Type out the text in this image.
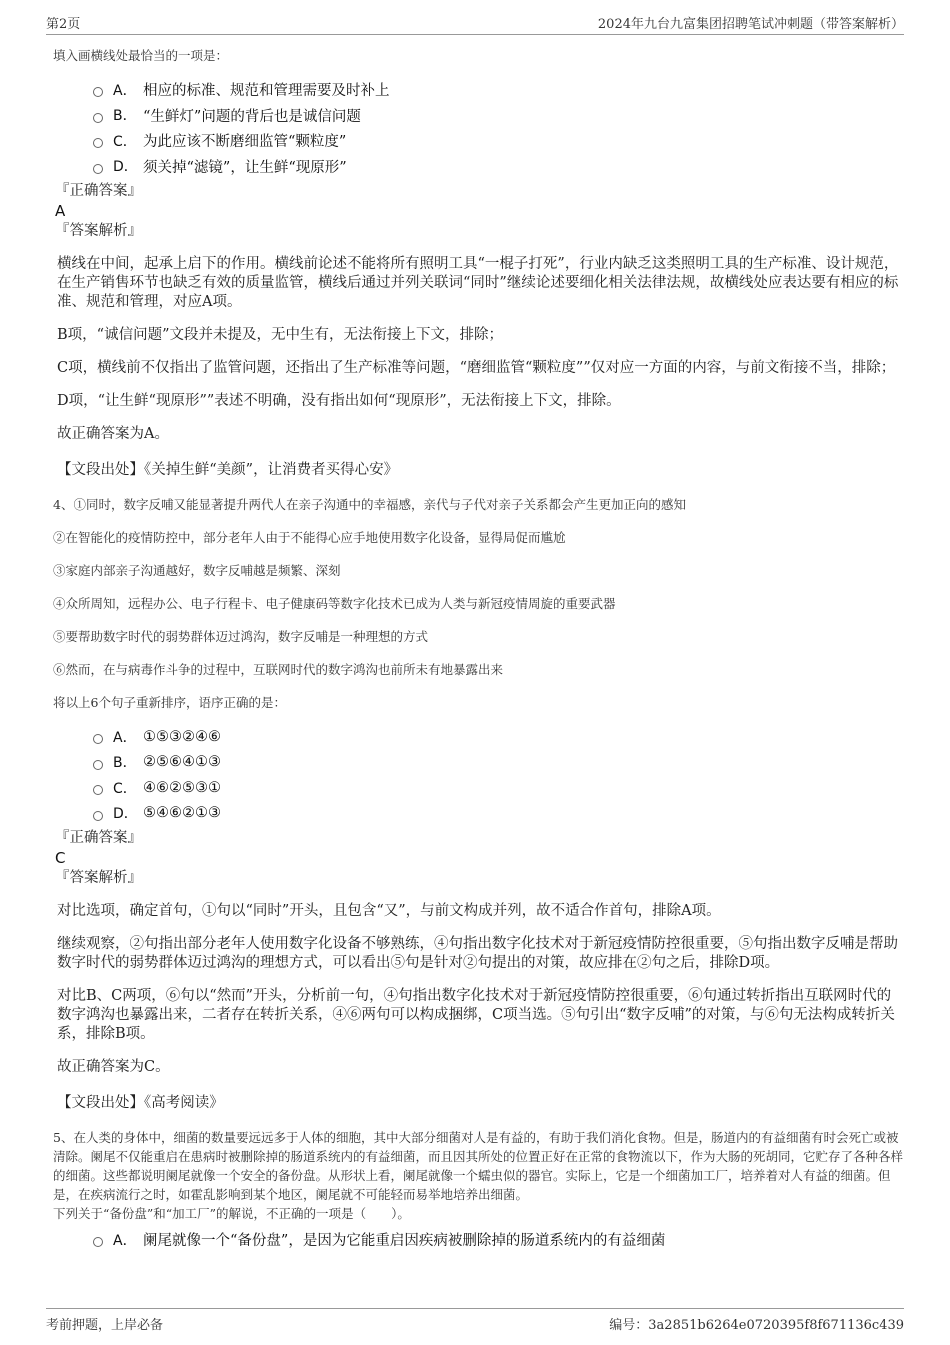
第2页	2024年九台九富集团招聘笔试冲刺题（带答案解析）

填入画横线处最恰当的一项是：

A． 相应的标准、规范和管理需要及时补上
B． “生鲜灯”问题的背后也是诚信问题
C． 为此应该不断磨细监管“颗粒度”
D． 须关掉“滤镜”，让生鲜“现原形”

『正确答案』

A

『答案解析』

横线在中间，起承上启下的作用。横线前论述不能将所有照明工具“一棍子打死”，行业内缺乏这类照明工具的生产标准、设计规范，在生产销售环节也缺乏有效的质量监管，横线后通过并列关联词“同时”继续论述要细化相关法律法规，故横线处应表达要有相应的标准、规范和管理，对应A项。

B项，“诚信问题”文段并未提及，无中生有，无法衔接上下文，排除；

C项，横线前不仅指出了监管问题，还指出了生产标准等问题，“磨细监管“颗粒度””仅对应一方面的内容，与前文衔接不当，排除；

D项，“让生鲜“现原形””表述不明确，没有指出如何“现原形”，无法衔接上下文，排除。

故正确答案为A。

【文段出处】《关掉生鲜“美颜”，让消费者买得心安》

4、①同时，数字反哺又能显著提升两代人在亲子沟通中的幸福感，亲代与子代对亲子关系都会产生更加正向的感知

②在智能化的疫情防控中，部分老年人由于不能得心应手地使用数字化设备，显得局促而尴尬

③家庭内部亲子沟通越好，数字反哺越是频繁、深刻

④众所周知，远程办公、电子行程卡、电子健康码等数字化技术已成为人类与新冠疫情周旋的重要武器

⑤要帮助数字时代的弱势群体迈过鸿沟，数字反哺是一种理想的方式

⑥然而，在与病毒作斗争的过程中，互联网时代的数字鸿沟也前所未有地暴露出来

将以上6个句子重新排序，语序正确的是：

A． ①⑤③②④⑥
B． ②⑤⑥④①③
C． ④⑥②⑤③①
D． ⑤④⑥②①③

『正确答案』

C

『答案解析』

对比选项，确定首句，①句以“同时”开头，且包含“又”，与前文构成并列，故不适合作首句，排除A项。

继续观察，②句指出部分老年人使用数字化设备不够熟练，④句指出数字化技术对于新冠疫情防控很重要，⑤句指出数字反哺是帮助数字时代的弱势群体迈过鸿沟的理想方式，可以看出⑤句是针对②句提出的对策，故应排在②句之后，排除D项。

对比B、C两项，⑥句以“然而”开头，分析前一句，④句指出数字化技术对于新冠疫情防控很重要，⑥句通过转折指出互联网时代的数字鸿沟也暴露出来，二者存在转折关系，④⑥两句可以构成捆绑，C项当选。⑤句引出“数字反哺”的对策，与⑥句无法构成转折关系，排除B项。

故正确答案为C。

【文段出处】《高考阅读》

5、在人类的身体中，细菌的数量要远远多于人体的细胞，其中大部分细菌对人是有益的，有助于我们消化食物。但是，肠道内的有益细菌有时会死亡或被清除。阑尾不仅能重启在患病时被删除掉的肠道系统内的有益细菌，而且因其所处的位置正好在正常的食物流以下，作为大肠的死胡同，它贮存了各种各样的细菌。这些都说明阑尾就像一个安全的备份盘。从形状上看，阑尾就像一个蠕虫似的器官。实际上，它是一个细菌加工厂，培养着对人有益的细菌。但是，在疾病流行之时，如霍乱影响到某个地区，阑尾就不可能轻而易举地培养出细菌。

下列关于“备份盘”和“加工厂”的解说，不正确的一项是（　　）。

A． 阑尾就像一个“备份盘”，是因为它能重启因疾病被删除掉的肠道系统内的有益细菌
考前押题，上岸必备	编号：3a2851b6264e0720395f8f671136c439
